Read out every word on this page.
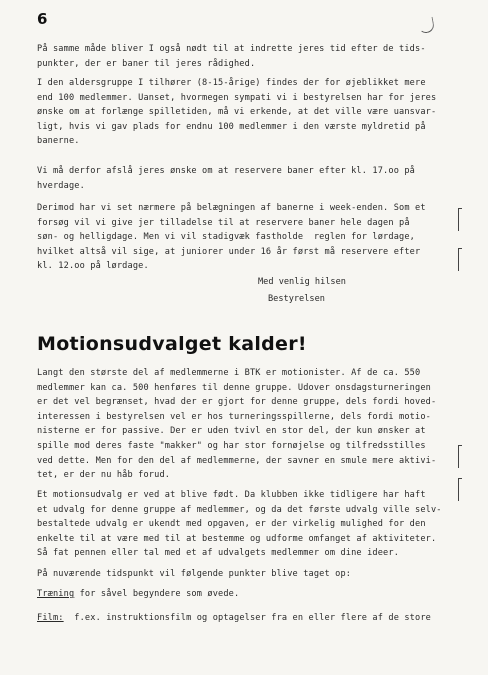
6

På samme måde bliver I også nødt til at indrette jeres tid efter de tids-
punkter, der er baner til jeres rådighed.

I den aldersgruppe I tilhører (8-15-årige) findes der for øjeblikket mere
end 100 medlemmer. Uanset, hvormegen sympati vi i bestyrelsen har for jeres
ønske om at forlænge spilletiden, må vi erkende, at det ville være uansvar-
ligt, hvis vi gav plads for endnu 100 medlemmer i den værste myldretid på
banerne.

Vi må derfor afslå jeres ønske om at reservere baner efter kl. 17.oo på
hverdage.

Derimod har vi set nærmere på belægningen af banerne i week-enden. Som et
forsøg vil vi give jer tilladelse til at reservere baner hele dagen på
søn- og helligdage. Men vi vil stadigvæk fastholde  reglen for lørdage,
hvilket altså vil sige, at juniorer under 16 år først må reservere efter
kl. 12.oo på lørdage.

Med venlig hilsen
Bestyrelsen
Motionsudvalget kalder!

Langt den største del af medlemmerne i BTK er motionister. Af de ca. 550
medlemmer kan ca. 500 henføres til denne gruppe. Udover onsdagsturneringen
er det vel begrænset, hvad der er gjort for denne gruppe, dels fordi hoved-
interessen i bestyrelsen vel er hos turneringsspillerne, dels fordi motio-
nisterne er for passive. Der er uden tvivl en stor del, der kun ønsker at
spille mod deres faste "makker" og har stor fornøjelse og tilfredsstilles
ved dette. Men for den del af medlemmerne, der savner en smule mere aktivi-
tet, er der nu håb forud.

Et motionsudvalg er ved at blive født. Da klubben ikke tidligere har haft
et udvalg for denne gruppe af medlemmer, og da det første udvalg ville selv-
bestaltede udvalg er ukendt med opgaven, er der virkelig mulighed for den
enkelte til at være med til at bestemme og udforme omfanget af aktiviteter.
Så fat pennen eller tal med et af udvalgets medlemmer om dine ideer.

På nuværende tidspunkt vil følgende punkter blive taget op:

Træning for såvel begyndere som øvede.
Film:  f.ex. instruktionsfilm og optagelser fra en eller flere af de store
